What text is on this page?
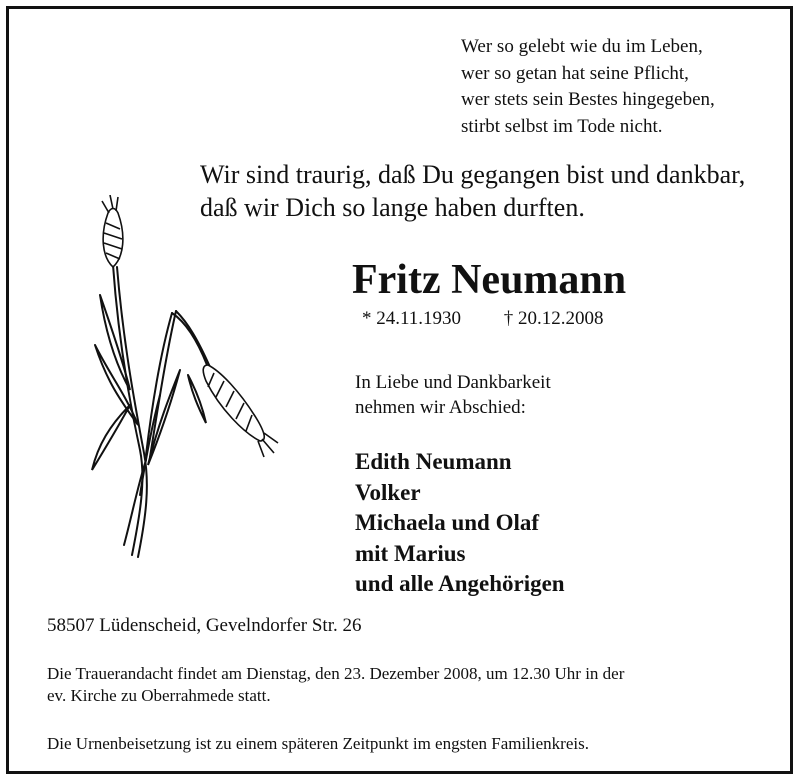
Wer so gelebt wie du im Leben,
wer so getan hat seine Pflicht,
wer stets sein Bestes hingegeben,
stirbt selbst im Tode nicht.
Wir sind traurig, daß Du gegangen bist und dankbar,
daß wir Dich so lange haben durften.
Fritz Neumann
* 24.11.1930 † 20.12.2008
In Liebe und Dankbarkeit
nehmen wir Abschied:
Edith Neumann
Volker
Michaela und Olaf
mit Marius
und alle Angehörigen
58507 Lüdenscheid, Gevelndorfer Str. 26
Die Trauerandacht findet am Dienstag, den 23. Dezember 2008, um 12.30 Uhr in der
ev. Kirche zu Oberrahmede statt.
Die Urnenbeisetzung ist zu einem späteren Zeitpunkt im engsten Familienkreis.
